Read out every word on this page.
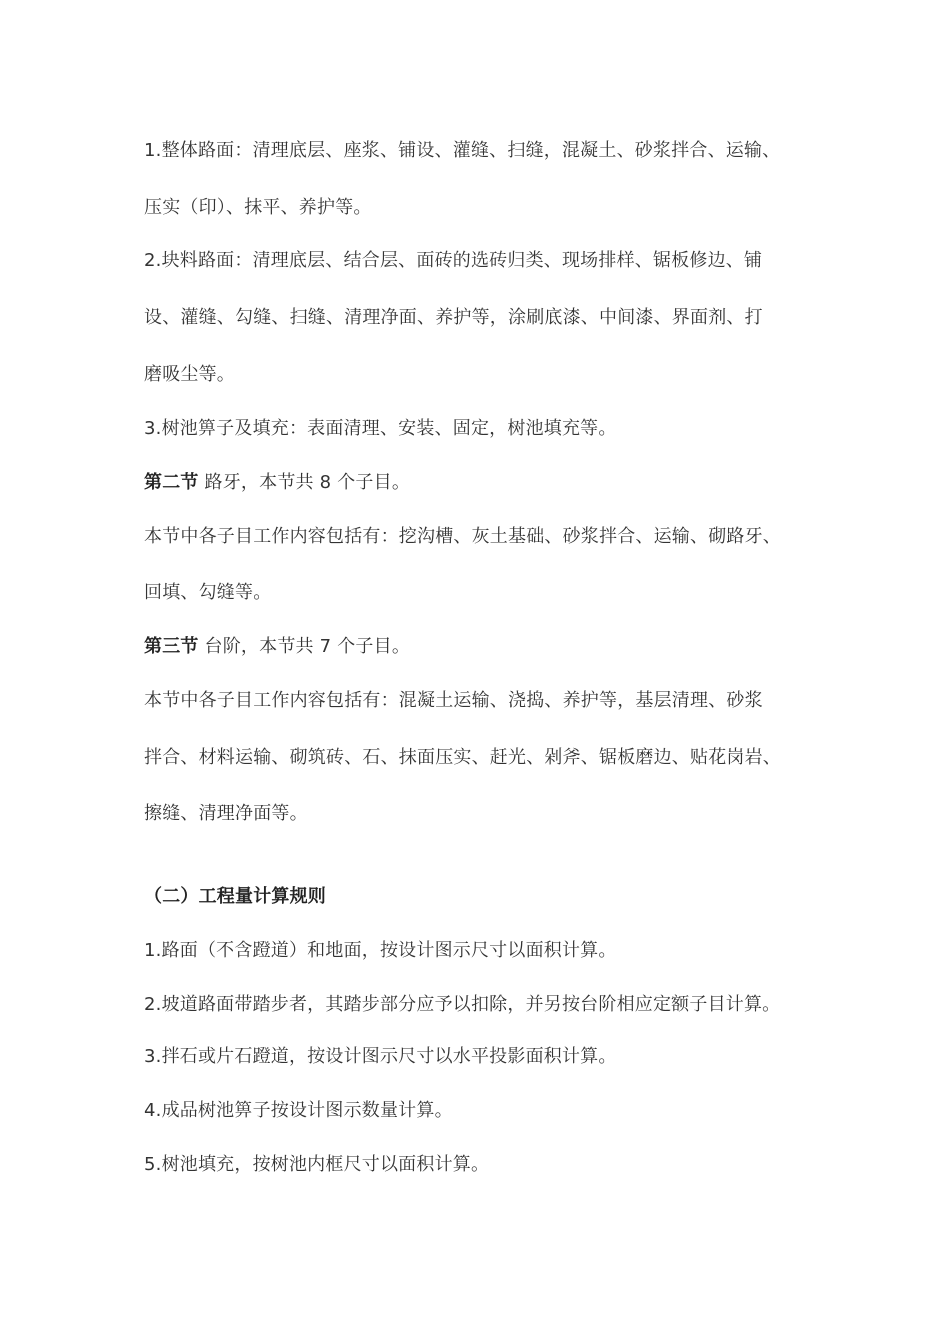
1.整体路面：清理底层、座浆、铺设、灌缝、扫缝，混凝土、砂浆拌合、运输、
压实（印）、抹平、养护等。
2.块料路面：清理底层、结合层、面砖的选砖归类、现场排样、锯板修边、铺
设、灌缝、勾缝、扫缝、清理净面、养护等，涂刷底漆、中间漆、界面剂、打
磨吸尘等。
3.树池箅子及填充：表面清理、安装、固定，树池填充等。
第二节 路牙，本节共 8 个子目。
本节中各子目工作内容包括有：挖沟槽、灰土基础、砂浆拌合、运输、砌路牙、
回填、勾缝等。
第三节 台阶，本节共 7 个子目。
本节中各子目工作内容包括有：混凝土运输、浇捣、养护等，基层清理、砂浆
拌合、材料运输、砌筑砖、石、抹面压实、赶光、剁斧、锯板磨边、贴花岗岩、
擦缝、清理净面等。
（二）工程量计算规则
1.路面（不含蹬道）和地面，按设计图示尺寸以面积计算。
2.坡道路面带踏步者，其踏步部分应予以扣除，并另按台阶相应定额子目计算。
3.拌石或片石蹬道，按设计图示尺寸以水平投影面积计算。
4.成品树池箅子按设计图示数量计算。
5.树池填充，按树池内框尺寸以面积计算。
